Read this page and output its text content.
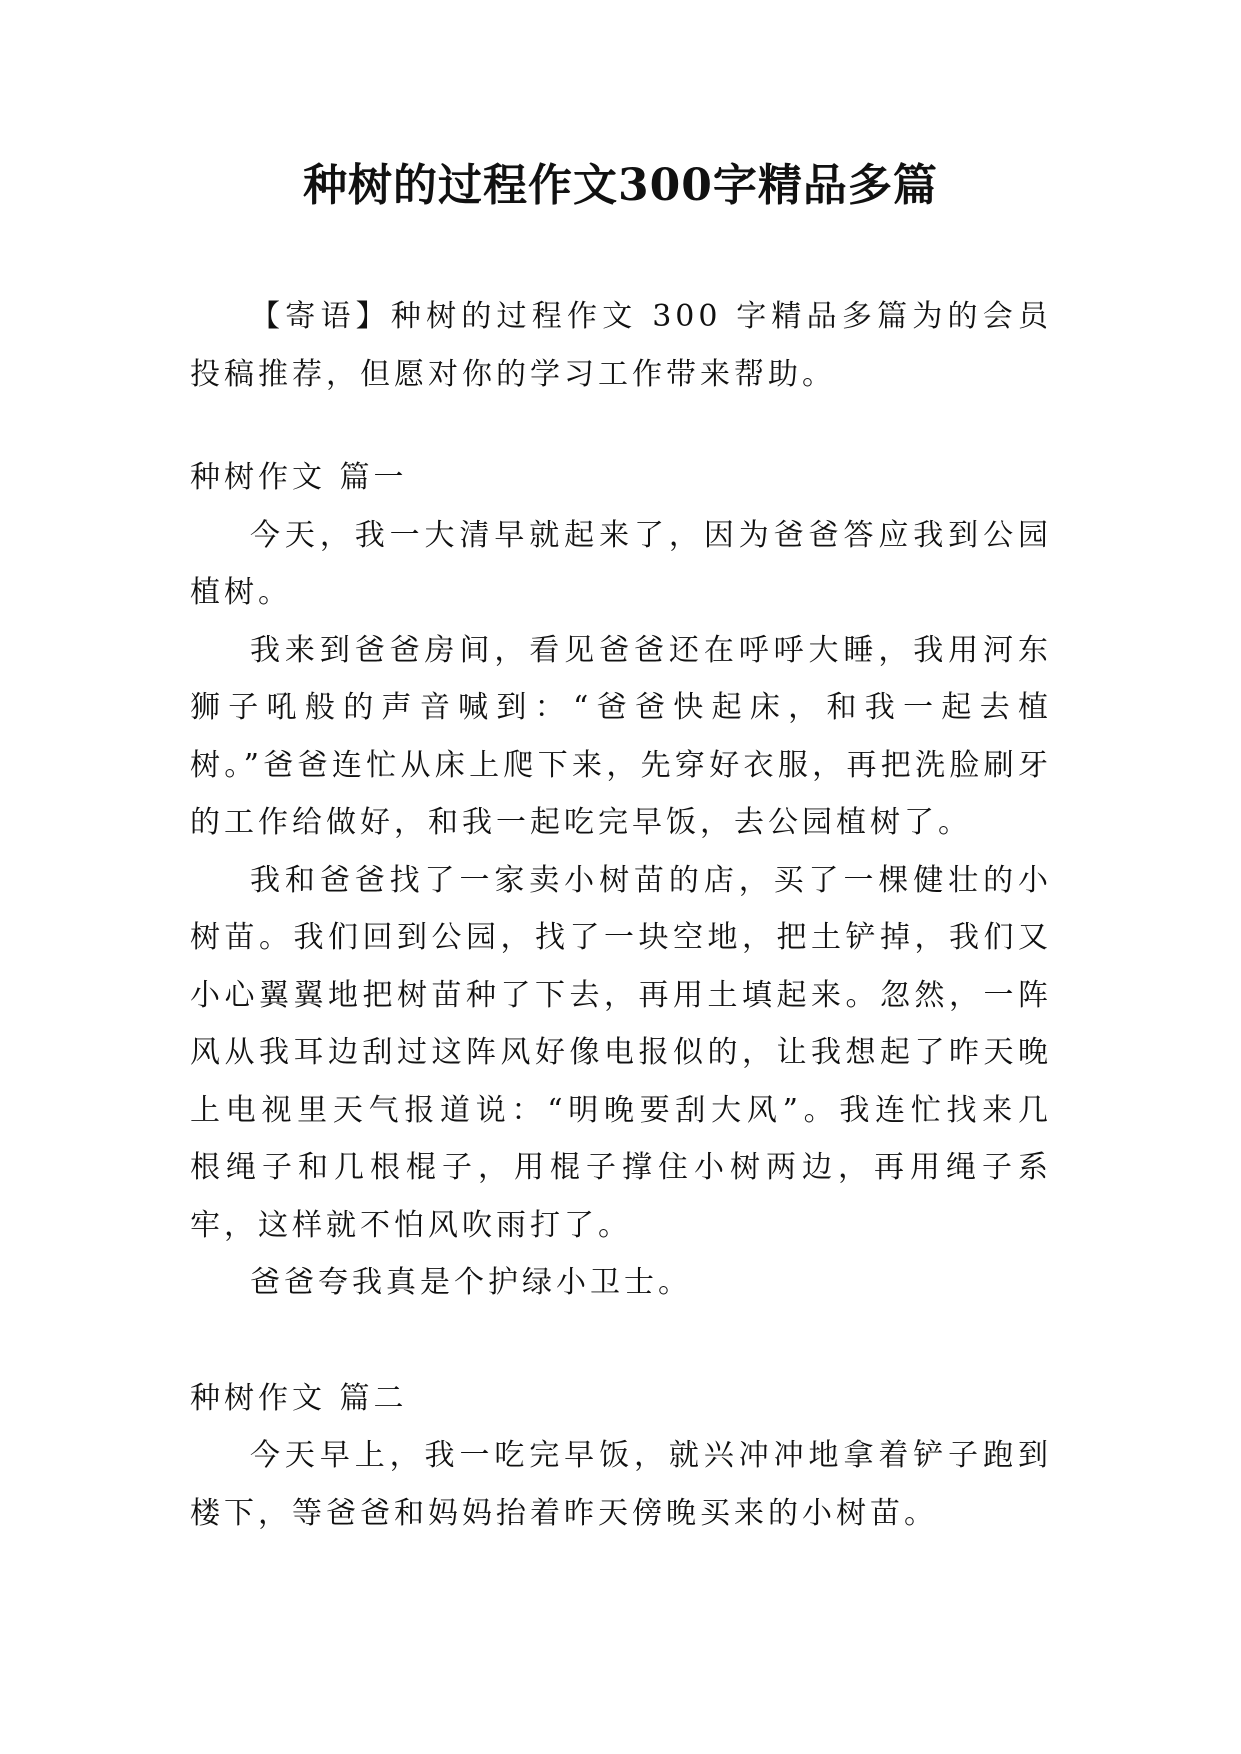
种树的过程作文300字精品多篇

【寄语】种树的过程作文 300 字精品多篇为的会员投稿推荐，但愿对你的学习工作带来帮助。

种树作文 篇一

今天，我一大清早就起来了，因为爸爸答应我到公园植树。

我来到爸爸房间，看见爸爸还在呼呼大睡，我用河东狮子吼般的声音喊到：“爸爸快起床，和我一起去植树。”爸爸连忙从床上爬下来，先穿好衣服，再把洗脸刷牙的工作给做好，和我一起吃完早饭，去公园植树了。

我和爸爸找了一家卖小树苗的店，买了一棵健壮的小树苗。我们回到公园，找了一块空地，把土铲掉，我们又小心翼翼地把树苗种了下去，再用土填起来。忽然，一阵风从我耳边刮过这阵风好像电报似的，让我想起了昨天晚上电视里天气报道说：“明晚要刮大风”。我连忙找来几 根绳子和几根棍子，用棍子撑住小树两边，再用绳子系牢，这样就不怕风吹雨打了。

爸爸夸我真是个护绿小卫士。

种树作文 篇二

今天早上，我一吃完早饭，就兴冲冲地拿着铲子跑到楼下，等爸爸和妈妈抬着昨天傍晚买来的小树苗。
